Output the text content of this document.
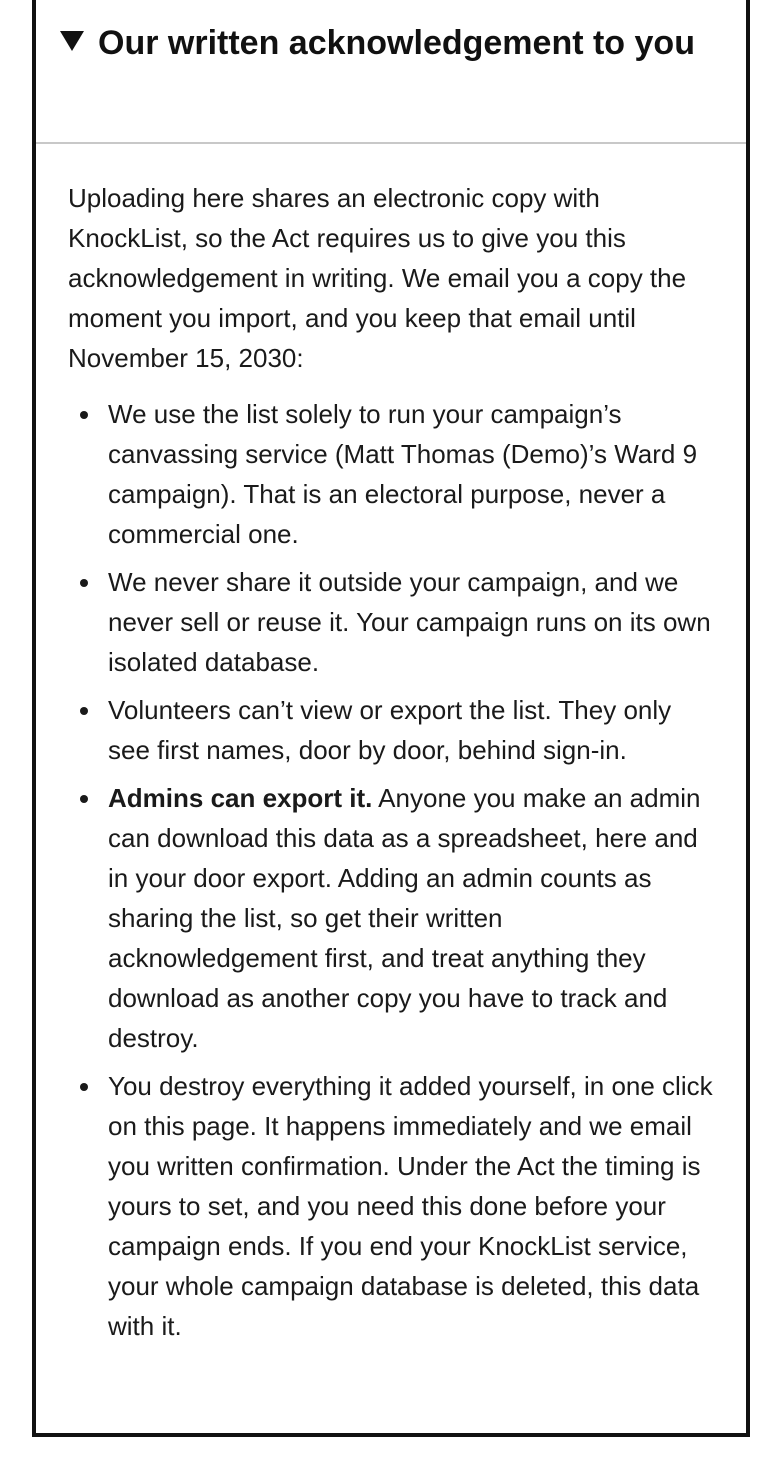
Our written acknowledgement to you

Uploading here shares an electronic copy with KnockList, so the Act requires us to give you this acknowledgement in writing. We email you a copy the moment you import, and you keep that email until November 15, 2030:

We use the list solely to run your campaign’s canvassing service (Matt Thomas (Demo)’s Ward 9 campaign). That is an electoral purpose, never a commercial one.
We never share it outside your campaign, and we never sell or reuse it. Your campaign runs on its own isolated database.
Volunteers can’t view or export the list. They only see first names, door by door, behind sign-in.
Admins can export it. Anyone you make an admin can download this data as a spreadsheet, here and in your door export. Adding an admin counts as sharing the list, so get their written acknowledgement first, and treat anything they download as another copy you have to track and destroy.
You destroy everything it added yourself, in one click on this page. It happens immediately and we email you written confirmation. Under the Act the timing is yours to set, and you need this done before your campaign ends. If you end your KnockList service, your whole campaign database is deleted, this data with it.
